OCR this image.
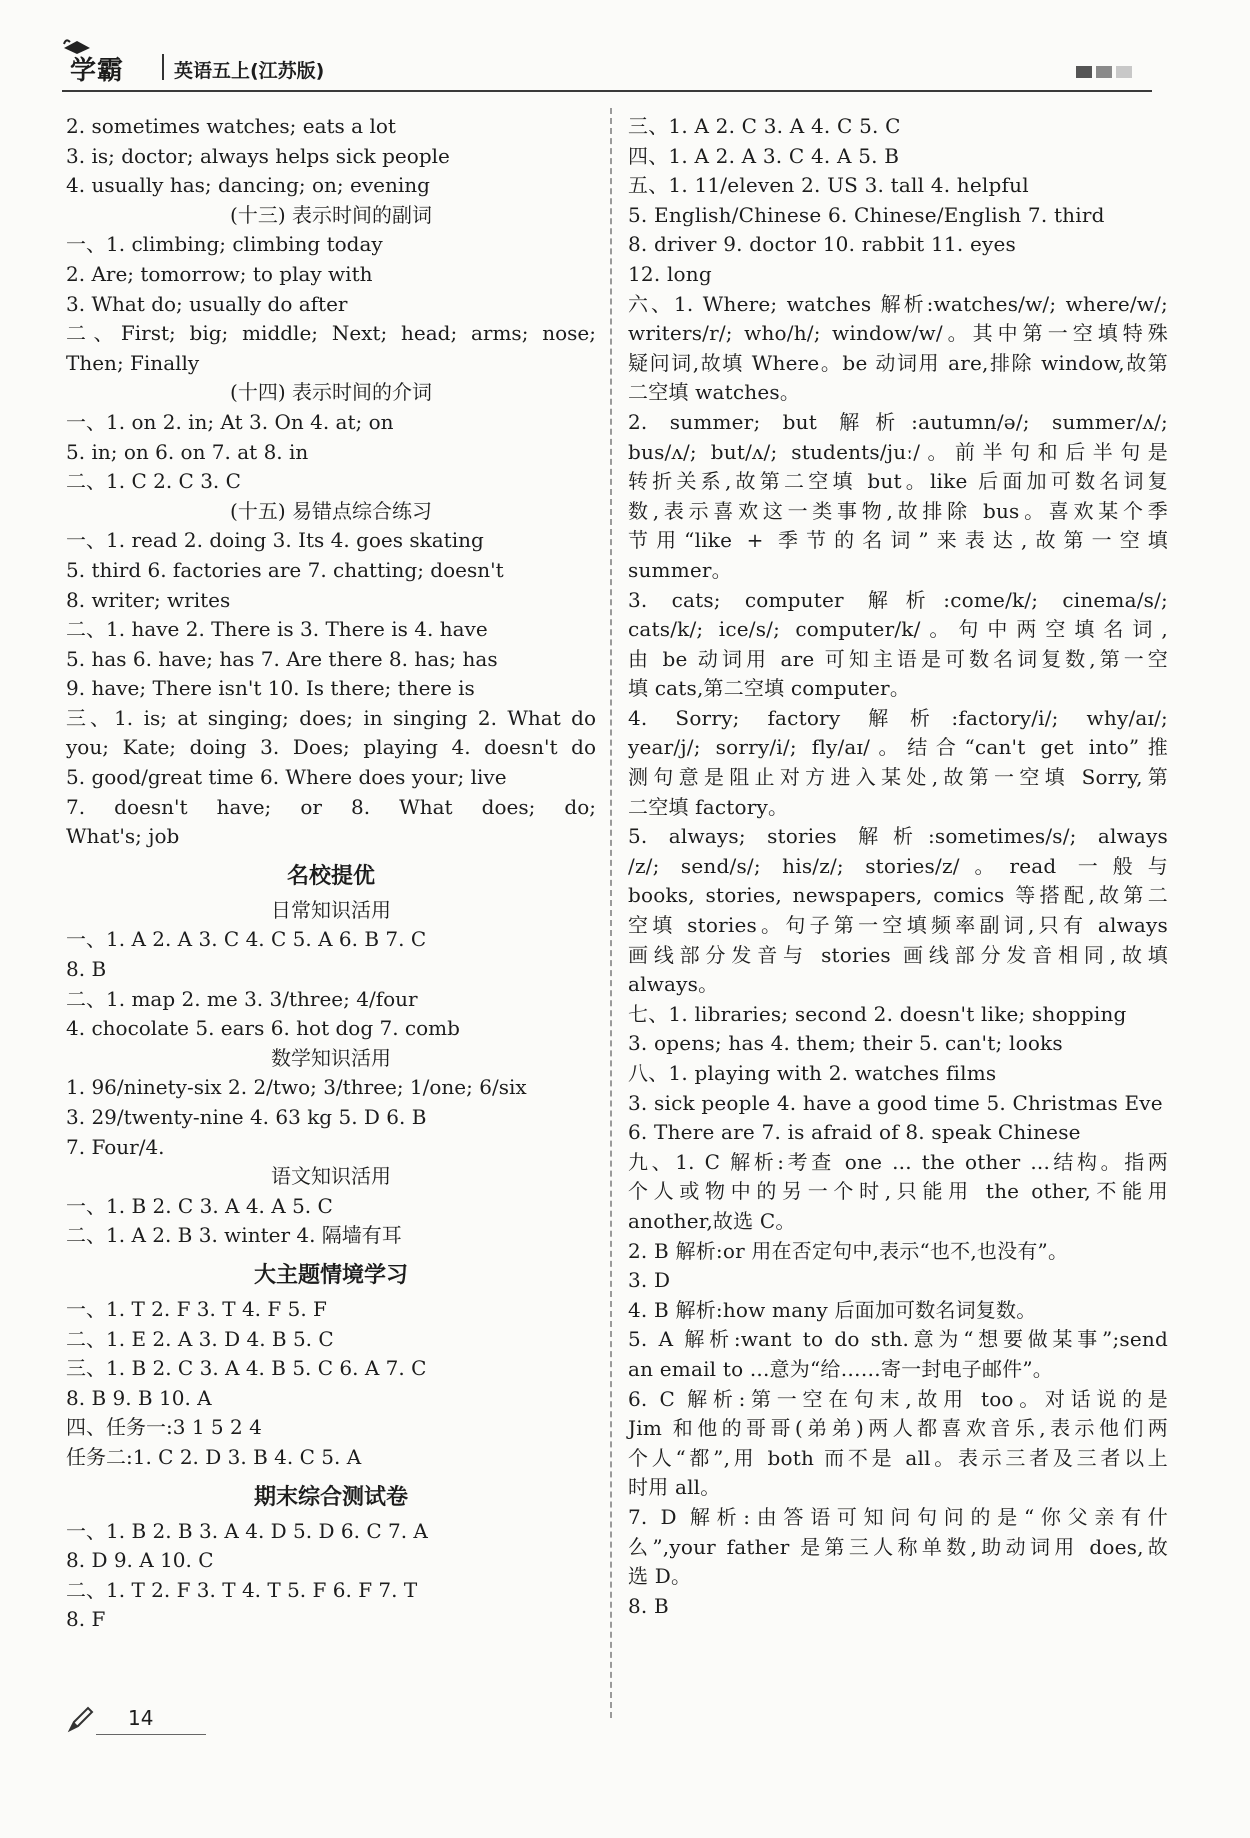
学霸	英语五上(江苏版)
2. sometimes watches; eats a lot
3. is; doctor; always helps sick people
4. usually has; dancing; on; evening
(十三) 表示时间的副词
一、1. climbing; climbing today
2. Are; tomorrow; to play with
3. What do; usually do after
二、First; big; middle; Next; head; arms; nose;
Then; Finally
(十四) 表示时间的介词
一、1. on 2. in; At 3. On 4. at; on
5. in; on 6. on 7. at 8. in
二、1. C 2. C 3. C
(十五) 易错点综合练习
一、1. read 2. doing 3. Its 4. goes skating
5. third 6. factories are 7. chatting; doesn't
8. writer; writes
二、1. have 2. There is 3. There is 4. have
5. has 6. have; has 7. Are there 8. has; has
9. have; There isn't 10. Is there; there is
三、1. is; at singing; does; in singing 2. What do
you; Kate; doing 3. Does; playing 4. doesn't do
5. good/great time 6. Where does your; live
7. doesn't have; or 8. What does; do;
What's; job
名校提优
日常知识活用
一、1. A 2. A 3. C 4. C 5. A 6. B 7. C
8. B
二、1. map 2. me 3. 3/three; 4/four
4. chocolate 5. ears 6. hot dog 7. comb
数学知识活用
1. 96/ninety-six 2. 2/two; 3/three; 1/one; 6/six
3. 29/twenty-nine 4. 63 kg 5. D 6. B
7. Four/4.
语文知识活用
一、1. B 2. C 3. A 4. A 5. C
二、1. A 2. B 3. winter 4. 隔墙有耳
大主题情境学习
一、1. T 2. F 3. T 4. F 5. F
二、1. E 2. A 3. D 4. B 5. C
三、1. B 2. C 3. A 4. B 5. C 6. A 7. C
8. B 9. B 10. A
四、任务一:3 1 5 2 4
任务二:1. C 2. D 3. B 4. C 5. A
期末综合测试卷
一、1. B 2. B 3. A 4. D 5. D 6. C 7. A
8. D 9. A 10. C
二、1. T 2. F 3. T 4. T 5. F 6. F 7. T
8. F
三、1. A 2. C 3. A 4. C 5. C
四、1. A 2. A 3. C 4. A 5. B
五、1. 11/eleven 2. US 3. tall 4. helpful
5. English/Chinese 6. Chinese/English 7. third
8. driver 9. doctor 10. rabbit 11. eyes
12. long
六、1. Where; watches 解析:watches/w/; where/w/;
writers/r/; who/h/; window/w/。其中第一空填特殊
疑问词,故填 Where。be 动词用 are,排除 window,故第
二空填 watches。
2. summer; but 解析:autumn/ə/; summer/ʌ/;
bus/ʌ/; but/ʌ/; students/juː/。前半句和后半句是
转折关系,故第二空填 but。like 后面加可数名词复
数,表示喜欢这一类事物,故排除 bus。喜欢某个季
节用“like + 季节的名词”来表达,故第一空填
summer。
3. cats; computer 解析:come/k/; cinema/s/;
cats/k/; ice/s/; computer/k/。句中两空填名词,
由 be 动词用 are 可知主语是可数名词复数,第一空
填 cats,第二空填 computer。
4. Sorry; factory 解析:factory/i/; why/aɪ/;
year/j/; sorry/i/; fly/aɪ/。结合“can't get into”推
测句意是阻止对方进入某处,故第一空填 Sorry,第
二空填 factory。
5. always; stories 解析:sometimes/s/; always
/z/; send/s/; his/z/; stories/z/。read 一般与
books, stories, newspapers, comics 等搭配,故第二
空填 stories。句子第一空填频率副词,只有 always
画线部分发音与 stories 画线部分发音相同,故填
always。
七、1. libraries; second 2. doesn't like; shopping
3. opens; has 4. them; their 5. can't; looks
八、1. playing with 2. watches films
3. sick people 4. have a good time 5. Christmas Eve
6. There are 7. is afraid of 8. speak Chinese
九、1. C 解析:考查 one ... the other ...结构。指两
个人或物中的另一个时,只能用 the other,不能用
another,故选 C。
2. B 解析:or 用在否定句中,表示“也不,也没有”。
3. D
4. B 解析:how many 后面加可数名词复数。
5. A 解析:want to do sth.意为“想要做某事”;send
an email to ...意为“给……寄一封电子邮件”。
6. C 解析:第一空在句末,故用 too。对话说的是
Jim 和他的哥哥(弟弟)两人都喜欢音乐,表示他们两
个人“都”,用 both 而不是 all。表示三者及三者以上
时用 all。
7. D 解析:由答语可知问句问的是“你父亲有什
么”,your father 是第三人称单数,助动词用 does,故
选 D。
8. B
14
